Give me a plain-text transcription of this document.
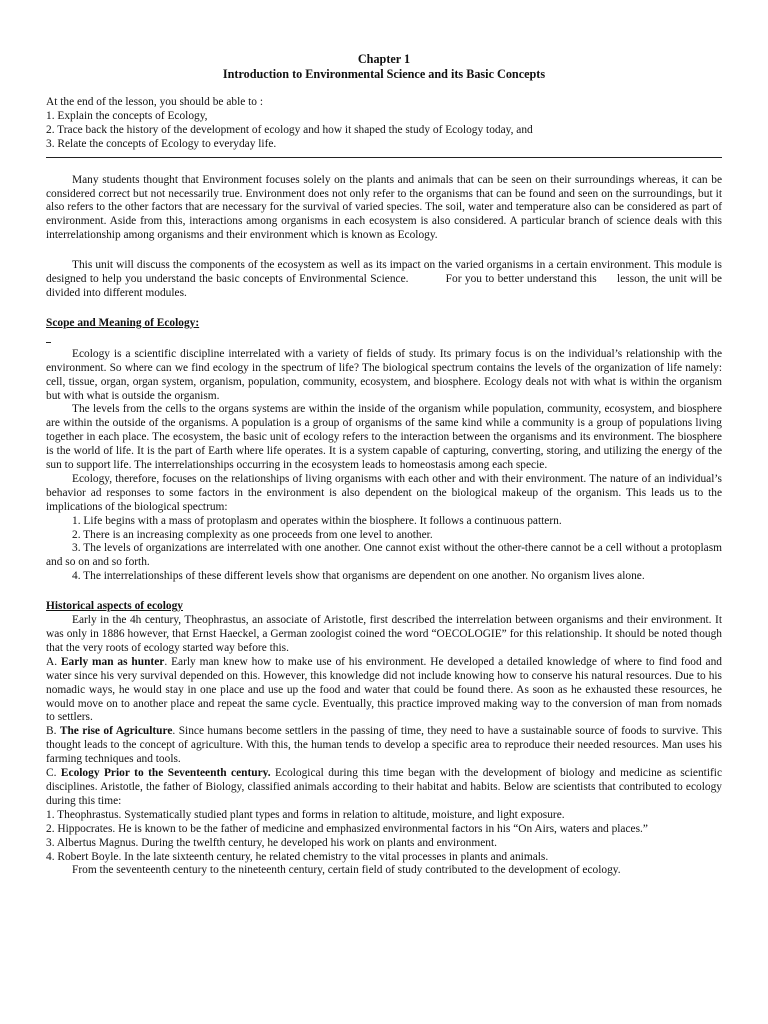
Chapter 1
Introduction to Environmental Science and its Basic Concepts
At the end of the lesson, you should be able to :
1. Explain the concepts of Ecology,
2. Trace back the history of the development of ecology and how it shaped the study of Ecology today, and
3. Relate the concepts of Ecology to everyday life.

Many students thought that Environment focuses solely on the plants and animals that can be seen on their surroundings whereas, it can be considered correct but not necessarily true. Environment does not only refer to the organisms that can be found and seen on the surroundings, but it also refers to the other factors that are necessary for the survival of varied species. The soil, water and temperature also can be considered as part of environment. Aside from this, interactions among organisms in each ecosystem is also considered. A particular branch of science deals with this interrelationship among organisms and their environment which is known as Ecology.

This unit will discuss the components of the ecosystem as well as its impact on the varied organisms in a certain environment. This module is designed to help you understand the basic concepts of Environmental Science.           For you to better understand this      lesson, the unit will be divided into different modules.

Scope and Meaning of Ecology:

Ecology is a scientific discipline interrelated with a variety of fields of study. Its primary focus is on the individual’s relationship with the environment. So where can we find ecology in the spectrum of life? The biological spectrum contains the levels of the organization of life namely: cell, tissue, organ, organ system, organism, population, community, ecosystem, and biosphere. Ecology deals not with what is within the organism but with what is outside the organism.

The levels from the cells to the organs systems are within the inside of the organism while population, community, ecosystem, and biosphere are within the outside of the organisms. A population is a group of organisms of the same kind while a community is a group of populations living together in each place. The ecosystem, the basic unit of ecology refers to the interaction between the organisms and its environment. The biosphere is the world of life. It is the part of Earth where life operates. It is a system capable of capturing, converting, storing, and utilizing the energy of the sun to support life. The interrelationships occurring in the ecosystem leads to homeostasis among each specie.

Ecology, therefore, focuses on the relationships of living organisms with each other and with their environment. The nature of an individual’s behavior ad responses to some factors in the environment is also dependent on the biological makeup of the organism. This leads us to the implications of the biological spectrum:

1. Life begins with a mass of protoplasm and operates within the biosphere. It follows a continuous pattern.

2. There is an increasing complexity as one proceeds from one level to another.

3. The levels of organizations are interrelated with one another. One cannot exist without the other-there cannot be a cell without a protoplasm and so on and so forth.

4. The interrelationships of these different levels show that organisms are dependent on one another. No organism lives alone.

Historical aspects of ecology

Early in the 4h century, Theophrastus, an associate of Aristotle, first described the interrelation between organisms and their environment. It was only in 1886 however, that Ernst Haeckel, a German zoologist coined the word “OECOLOGIE” for this relationship. It should be noted though that the very roots of ecology started way before this.

A. Early man as hunter. Early man knew how to make use of his environment. He developed a detailed knowledge of where to find food and water since his very survival depended on this. However, this knowledge did not include knowing how to conserve his natural resources. Due to his nomadic ways, he would stay in one place and use up the food and water that could be found there. As soon as he exhausted these resources, he would move on to another place and repeat the same cycle. Eventually, this practice improved making way to the conversion of man from nomads to settlers.

B. The rise of Agriculture. Since humans become settlers in the passing of time, they need to have a sustainable source of foods to survive. This thought leads to the concept of agriculture. With this, the human tends to develop a specific area to reproduce their needed resources. Man uses his farming techniques and tools.

C. Ecology Prior to the Seventeenth century. Ecological during this time began with the development of biology and medicine as scientific disciplines. Aristotle, the father of Biology, classified animals according to their habitat and habits. Below are scientists that contributed to ecology during this time:

1. Theophrastus. Systematically studied plant types and forms in relation to altitude, moisture, and light exposure.

2. Hippocrates. He is known to be the father of medicine and emphasized environmental factors in his “On Airs, waters and places.”

3. Albertus Magnus. During the twelfth century, he developed his work on plants and environment.

4. Robert Boyle. In the late sixteenth century, he related chemistry to the vital processes in plants and animals.

From the seventeenth century to the nineteenth century, certain field of study contributed to the development of ecology.
